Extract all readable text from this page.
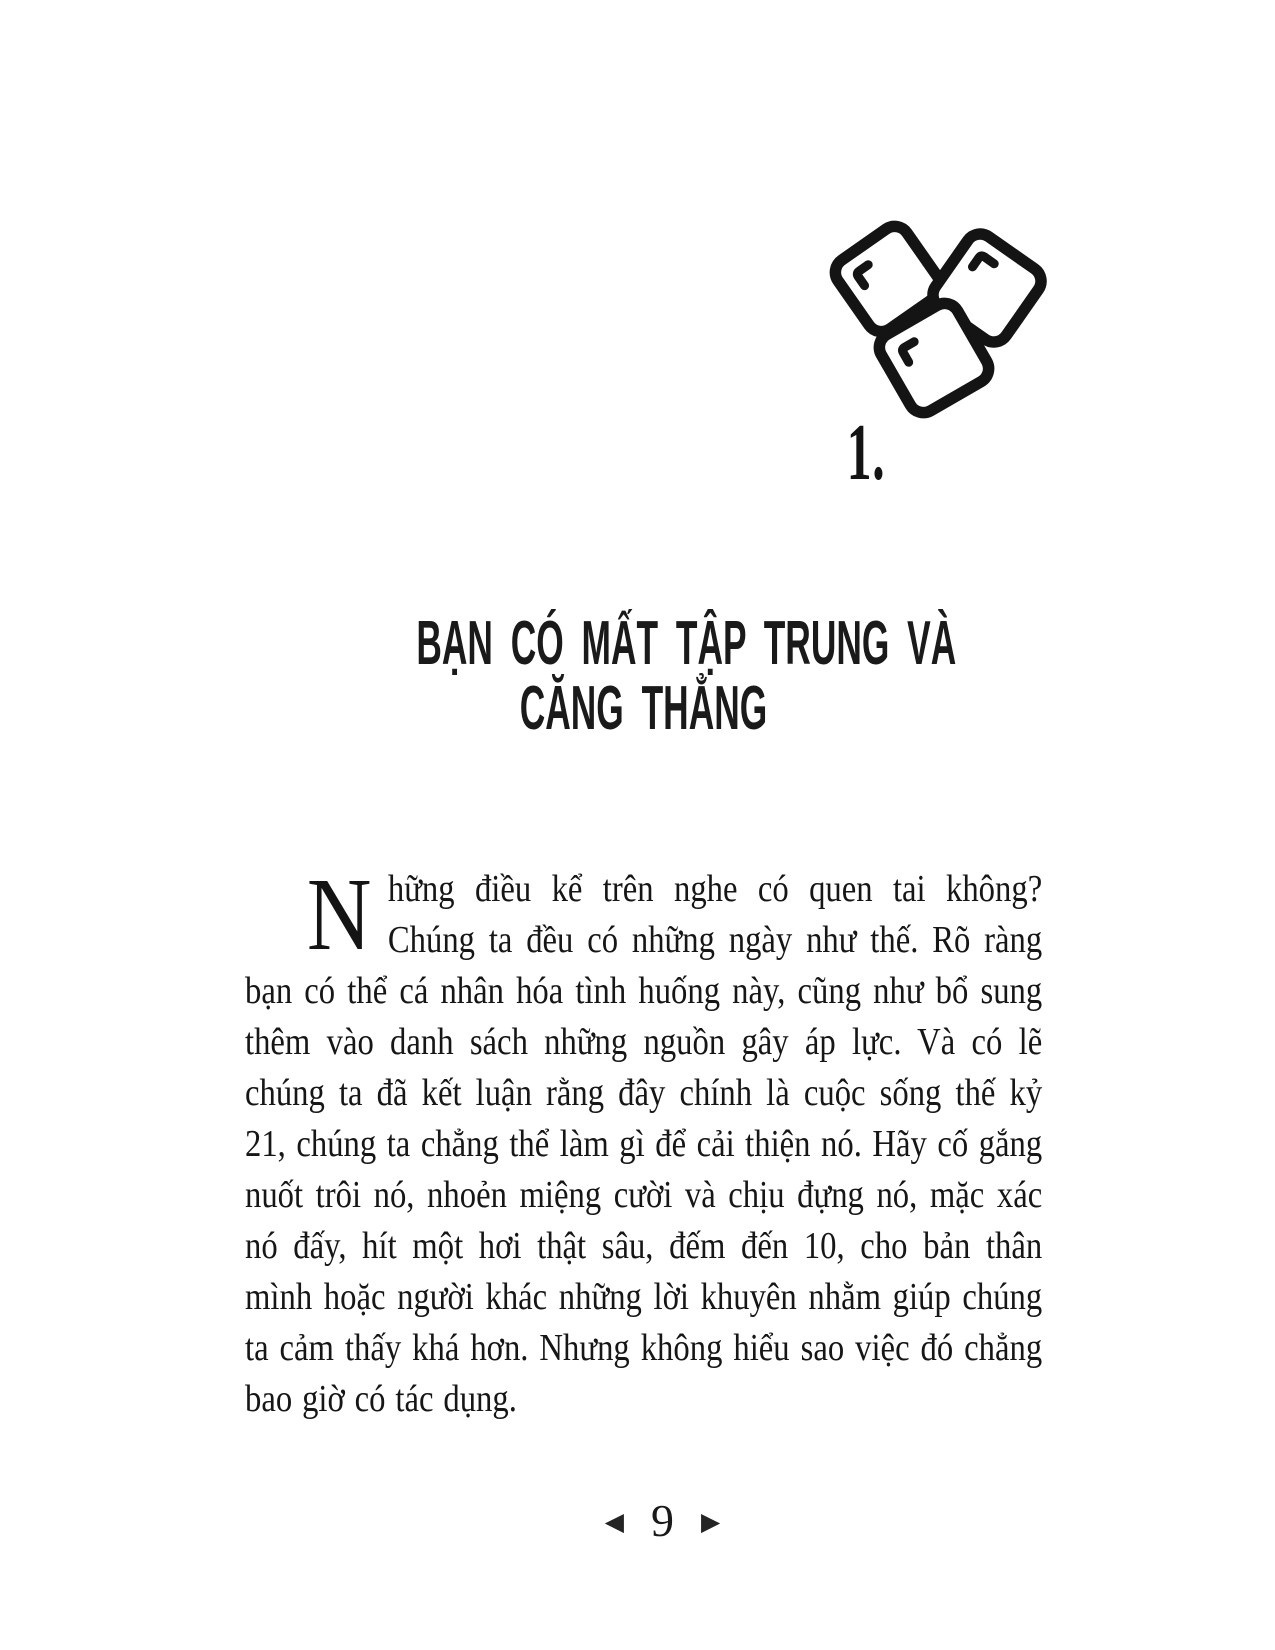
1.
BẠN CÓ MẤT TẬP TRUNG VÀ
CĂNG THẲNG
Những điều kể trên nghe có quen tai không? Chúng ta đều có những ngày như thế. Rõ ràng bạn có thể cá nhân hóa tình huống này, cũng như bổ sung thêm vào danh sách những nguồn gây áp lực. Và có lẽ chúng ta đã kết luận rằng đây chính là cuộc sống thế kỷ 21, chúng ta chẳng thể làm gì để cải thiện nó. Hãy cố gắng nuốt trôi nó, nhoẻn miệng cười và chịu đựng nó, mặc xác nó đấy, hít một hơi thật sâu, đếm đến 10, cho bản thân mình hoặc người khác những lời khuyên nhằm giúp chúng ta cảm thấy khá hơn. Nhưng không hiểu sao việc đó chẳng bao giờ có tác dụng.
◀ 9 ▶
